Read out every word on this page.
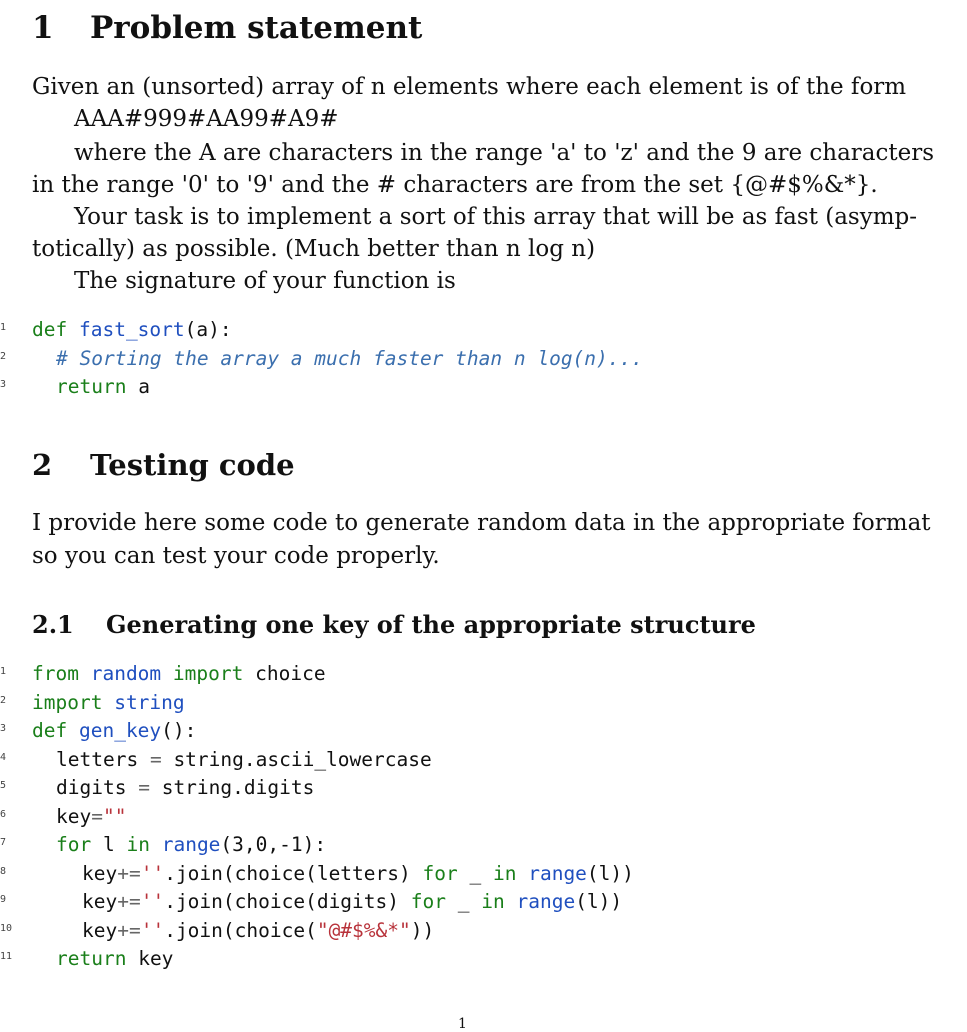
1 Problem statement
Given an (unsorted) array of n elements where each element is of the form
AAA#999#AA99#A9#
where the A are characters in the range 'a' to 'z' and the 9 are characters
in the range '0' to '9' and the # characters are from the set {@#$%&*}.
Your task is to implement a sort of this array that will be as fast (asymp-
totically) as possible. (Much better than n log n)
The signature of your function is
1
2
3
def fast_sort(a):
# Sorting the array a much faster than n log(n)...
return a
2 Testing code
I provide here some code to generate random data in the appropriate format
so you can test your code properly.
2.1 Generating one key of the appropriate structure
1
2
3
4
5
6
7
8
9
10
11
from random import choice
import string
def gen_key():
letters = string.ascii_lowercase
digits = string.digits
key=""
for l in range(3,0,-1):
key+=''.join(choice(letters) for _ in range(l))
key+=''.join(choice(digits) for _ in range(l))
key+=''.join(choice("@#$%&*"))
return key
1
